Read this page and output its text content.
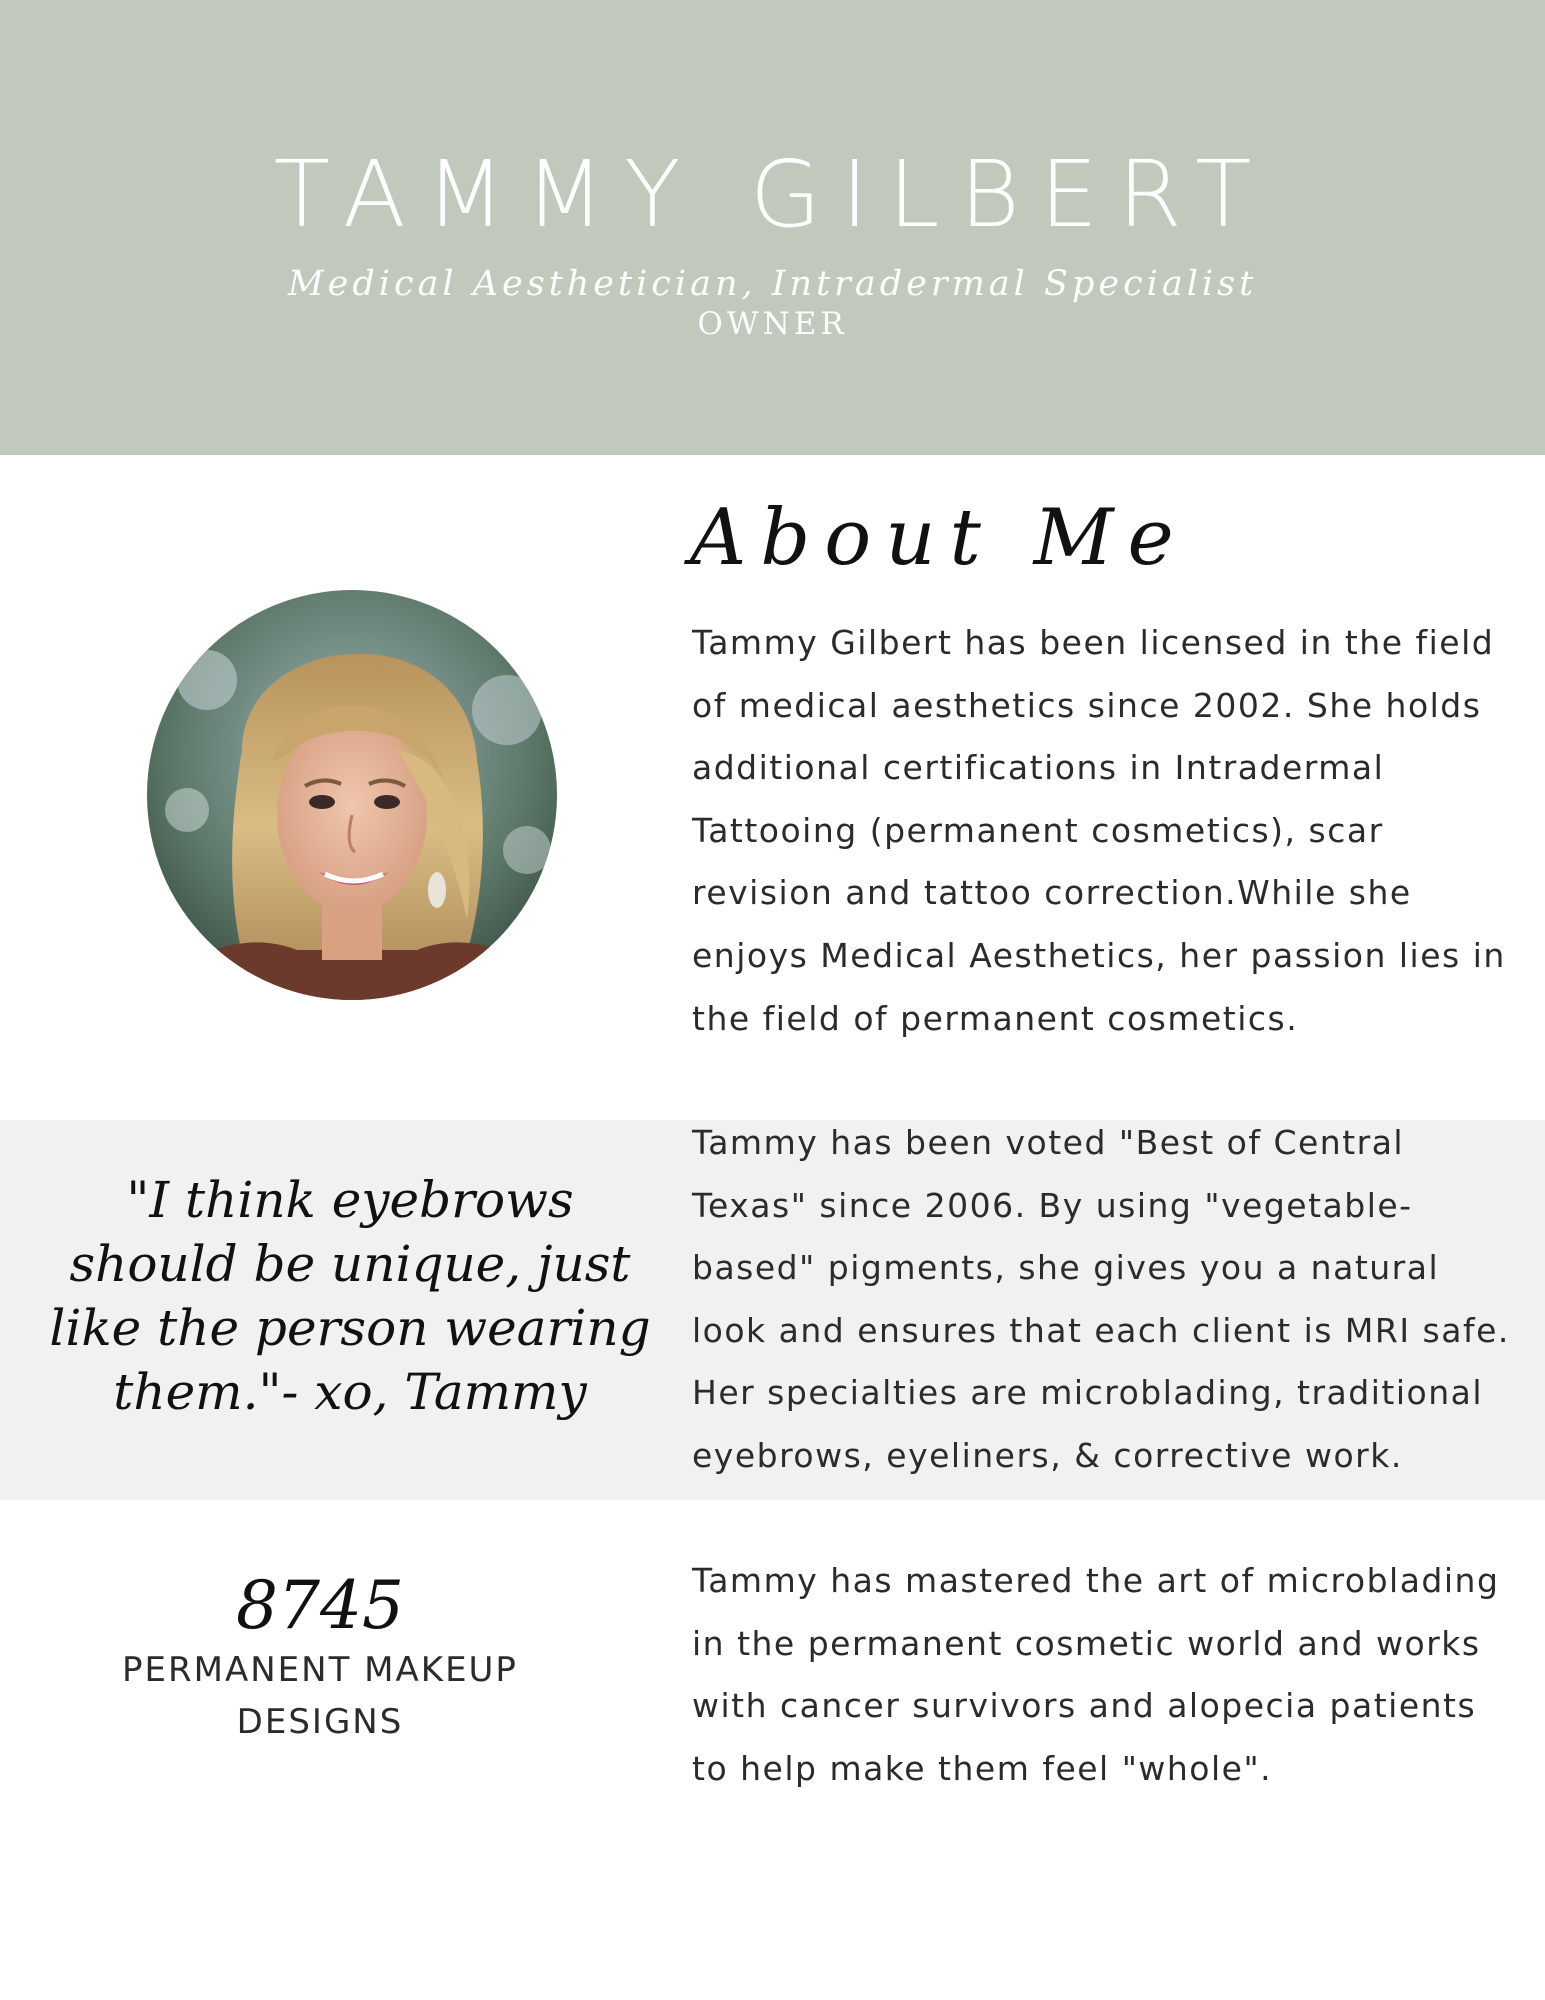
TAMMY GILBERT
Medical Aesthetician, Intradermal Specialist
OWNER
About Me

Tammy Gilbert has been licensed in the field of medical aesthetics since 2002. She holds additional certifications in Intradermal Tattooing (permanent cosmetics), scar revision and tattoo correction.While she enjoys Medical Aesthetics, her passion lies in the field of permanent cosmetics.

"I think eyebrows should be unique, just like the person wearing them."- xo, Tammy

Tammy has been voted "Best of Central Texas" since 2006. By using "vegetable-based" pigments, she gives you a natural look and ensures that each client is MRI safe. Her specialties are microblading, traditional eyebrows, eyeliners, & corrective work.

8745
PERMANENT MAKEUP DESIGNS

Tammy has mastered the art of microblading in the permanent cosmetic world and works with cancer survivors and alopecia patients to help make them feel "whole".
